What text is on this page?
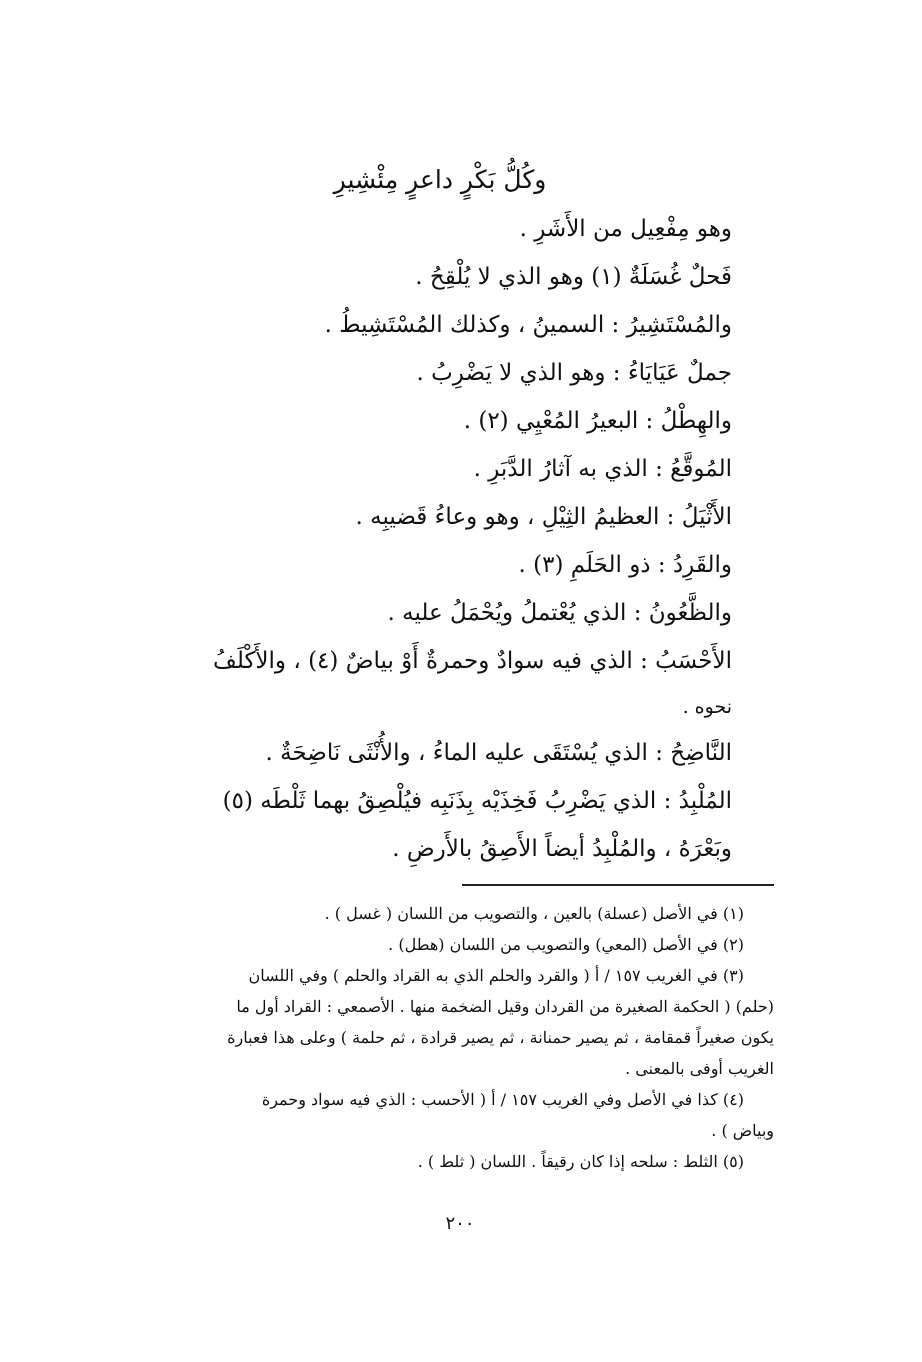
وكُلُّ بَكْرٍ داعرٍ مِئْشِيرِ
وهو مِفْعِيل من الأَشَرِ .
فَحلٌ غُسَلَةٌ (١) وهو الذي لا يُلْقِحُ .
والمُسْتَشِيرُ : السمينُ ، وكذلك المُسْتَشِيطُ .
جملٌ عَيَايَاءُ : وهو الذي لا يَضْرِبُ .
والهِطْلُ : البعيرُ المُعْيِي (٢) .
المُوقَّعُ : الذي به آثارُ الدَّبَرِ .
الأَثْيَلُ : العظيمُ الثِيْلِ ، وهو وعاءُ قَضيبِه .
والقَرِدُ : ذو الحَلَمِ (٣) .
والظَّعُونُ : الذي يُعْتملُ ويُحْمَلُ عليه .
الأَحْسَبُ : الذي فيه سوادٌ وحمرةٌ أَوْ بياضٌ (٤) ، والأَكْلَفُ
نحوه .
النَّاضِحُ : الذي يُسْتَقَى عليه الماءُ ، والأُنْثَى نَاضِحَةٌ .
المُلْبِدُ : الذي يَضْرِبُ فَخِذَيْه بِذَنَبِه فيُلْصِقُ بهما ثَلْطَه (٥)
وبَعْرَهُ ، والمُلْبِدُ أيضاً الأَصِقُ بالأَرضِ .
(١) في الأصل (عسلة) بالعين ، والتصويب من اللسان ( غسل ) .
(٢) في الأصل (المعي) والتصويب من اللسان (هطل) .
(٣) في الغريب ١٥٧ / أ ( والقرد والحلم الذي به القراد والحلم ) وفي اللسان
(حلم) ( الحكمة الصغيرة من القردان وقيل الضخمة منها . الأصمعي : القراد أول ما
يكون صغيراً قمقامة ، ثم يصير حمنانة ، ثم يصير قرادة ، ثم حلمة ) وعلى هذا فعبارة
الغريب أوفى بالمعنى .
(٤) كذا في الأصل وفي الغريب ١٥٧ / أ ( الأحسب : الذي فيه سواد وحمرة
وبياض ) .
(٥) الثلط : سلحه إذا كان رقيقاً . اللسان ( ثلط ) .
٢٠٠
